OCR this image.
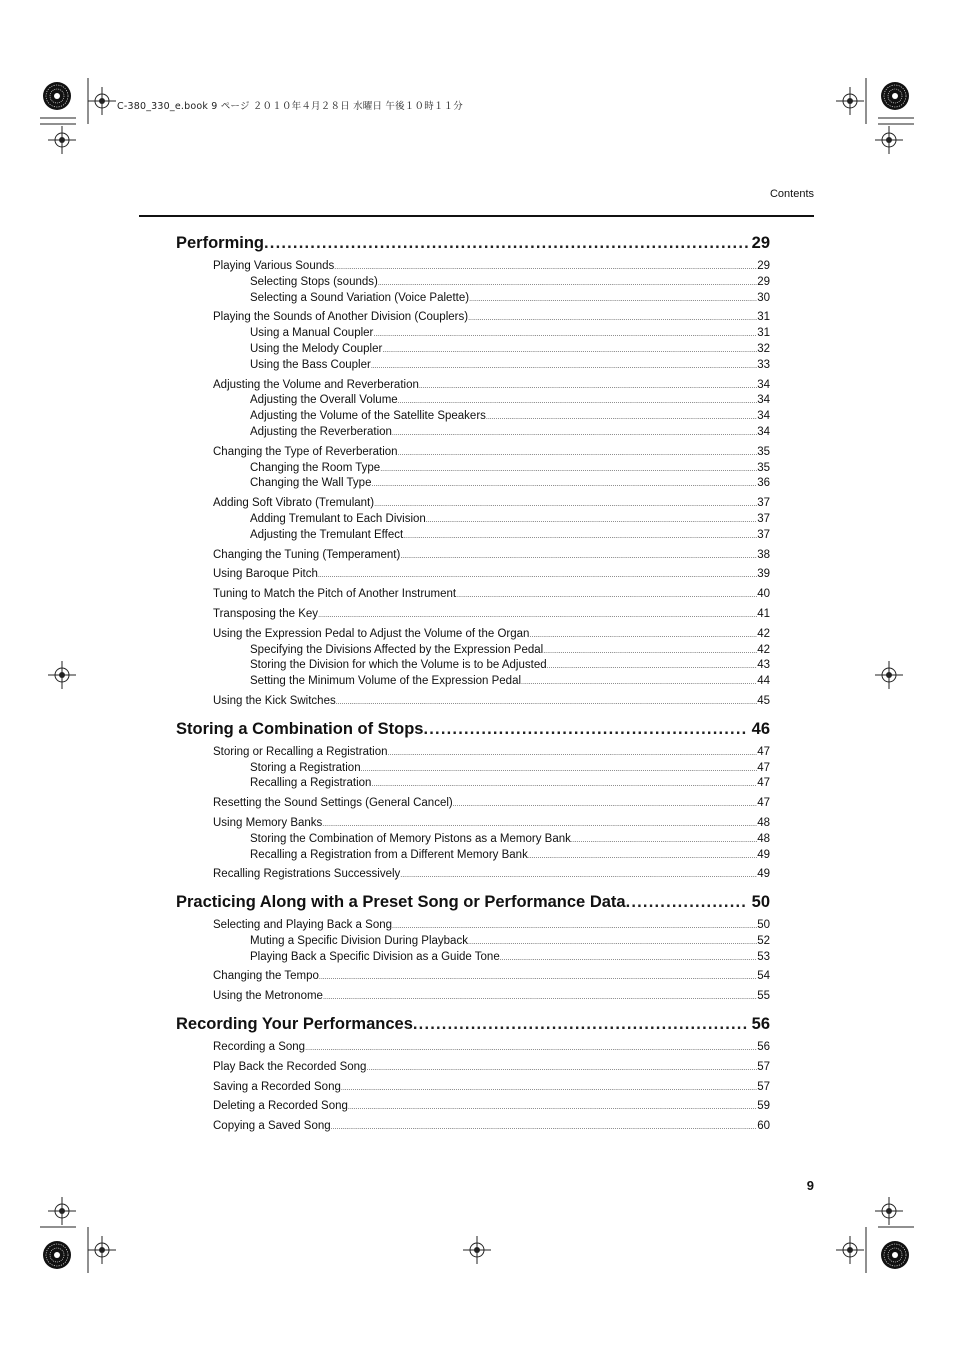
C-380_330_e.book 9 ページ ２０１０年４月２８日 水曜日 午後１０時１１分
Contents
Performing .....	29
Playing Various Sounds .....	29
Selecting Stops (sounds) .....	29
Selecting a Sound Variation (Voice Palette) .....	30
Playing the Sounds of Another Division (Couplers) .....	31
Using a Manual Coupler .....	31
Using the Melody Coupler .....	32
Using the Bass Coupler .....	33
Adjusting the Volume and Reverberation .....	34
Adjusting the Overall Volume .....	34
Adjusting the Volume of the Satellite Speakers .....	34
Adjusting the Reverberation .....	34
Changing the Type of Reverberation .....	35
Changing the Room Type .....	35
Changing the Wall Type .....	36
Adding Soft Vibrato (Tremulant) .....	37
Adding Tremulant to Each Division .....	37
Adjusting the Tremulant Effect .....	37
Changing the Tuning (Temperament) .....	38
Using Baroque Pitch .....	39
Tuning to Match the Pitch of Another Instrument .....	40
Transposing the Key .....	41
Using the Expression Pedal to Adjust the Volume of the Organ .....	42
Specifying the Divisions Affected by the Expression Pedal .....	42
Storing the Division for which the Volume is to be Adjusted .....	43
Setting the Minimum Volume of the Expression Pedal .....	44
Using the Kick Switches .....	45
Storing a Combination of Stops .....	46
Storing or Recalling a Registration .....	47
Storing a Registration .....	47
Recalling a Registration .....	47
Resetting the Sound Settings (General Cancel) .....	47
Using Memory Banks .....	48
Storing the Combination of Memory Pistons as a Memory Bank .....	48
Recalling a Registration from a Different Memory Bank .....	49
Recalling Registrations Successively .....	49
Practicing Along with a Preset Song or Performance Data .....	50
Selecting and Playing Back a Song .....	50
Muting a Specific Division During Playback .....	52
Playing Back a Specific Division as a Guide Tone .....	53
Changing the Tempo .....	54
Using the Metronome .....	55
Recording Your Performances .....	56
Recording a Song .....	56
Play Back the Recorded Song .....	57
Saving a Recorded Song .....	57
Deleting a Recorded Song .....	59
Copying a Saved Song .....	60
9
